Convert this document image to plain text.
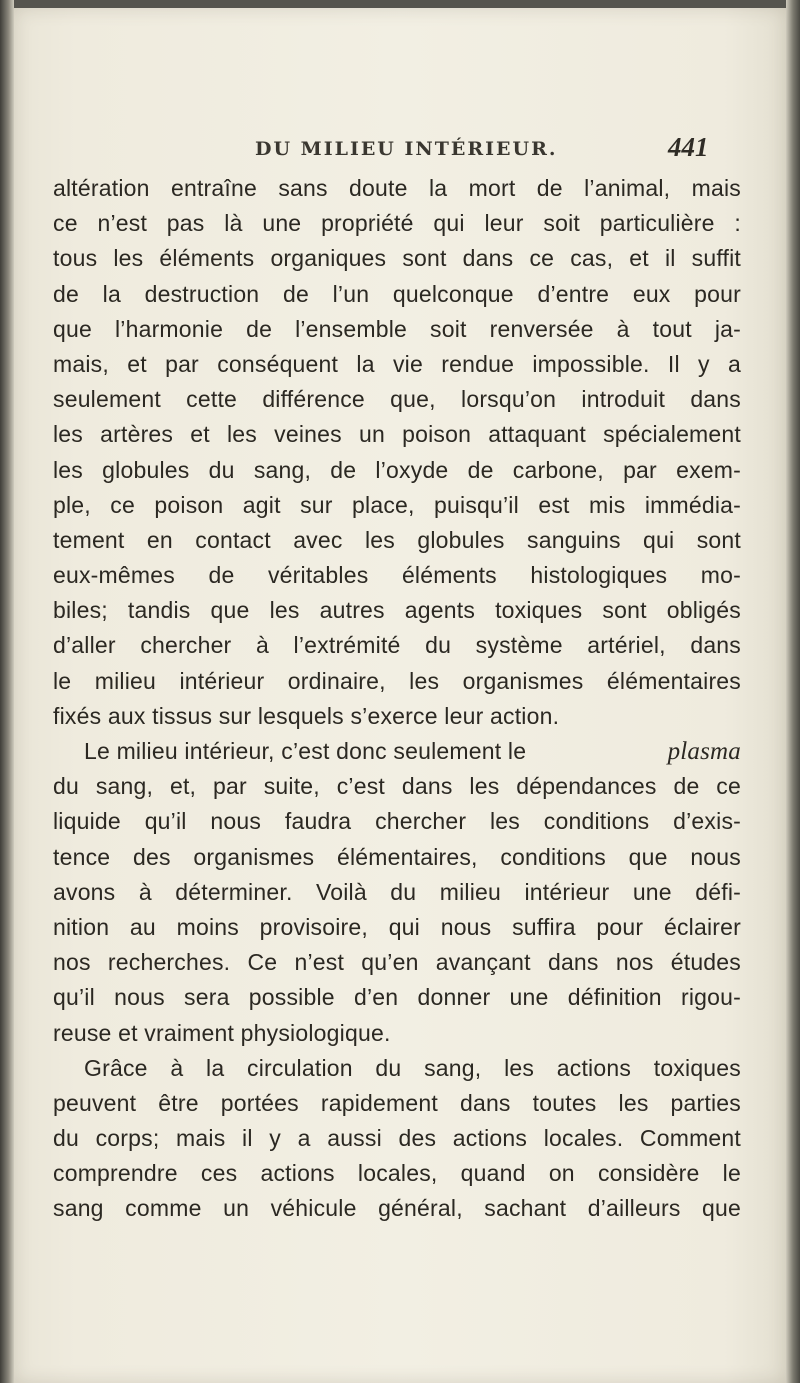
DU MILIEU INTÉRIEUR.	441
altération entraîne sans doute la mort de l’animal, mais
ce n’est pas là une propriété qui leur soit particulière :
tous les éléments organiques sont dans ce cas, et il suffit
de la destruction de l’un quelconque d’entre eux pour
que l’harmonie de l’ensemble soit renversée à tout ja-
mais, et par conséquent la vie rendue impossible. Il y a
seulement cette différence que, lorsqu’on introduit dans
les artères et les veines un poison attaquant spécialement
les globules du sang, de l’oxyde de carbone, par exem-
ple, ce poison agit sur place, puisqu’il est mis immédia-
tement en contact avec les globules sanguins qui sont
eux-mêmes de véritables éléments histologiques mo-
biles; tandis que les autres agents toxiques sont obligés
d’aller chercher à l’extrémité du système artériel, dans
le milieu intérieur ordinaire, les organismes élémentaires
fixés aux tissus sur lesquels s’exerce leur action.
Le milieu intérieur, c’est donc seulement le	plasma
du sang, et, par suite, c’est dans les dépendances de ce
liquide qu’il nous faudra chercher les conditions d’exis-
tence des organismes élémentaires, conditions que nous
avons à déterminer. Voilà du milieu intérieur une défi-
nition au moins provisoire, qui nous suffira pour éclairer
nos recherches. Ce n’est qu’en avançant dans nos études
qu’il nous sera possible d’en donner une définition rigou-
reuse et vraiment physiologique.
Grâce à la circulation du sang, les actions toxiques
peuvent être portées rapidement dans toutes les parties
du corps; mais il y a aussi des actions locales. Comment
comprendre ces actions locales, quand on considère le
sang comme un véhicule général, sachant d’ailleurs que
